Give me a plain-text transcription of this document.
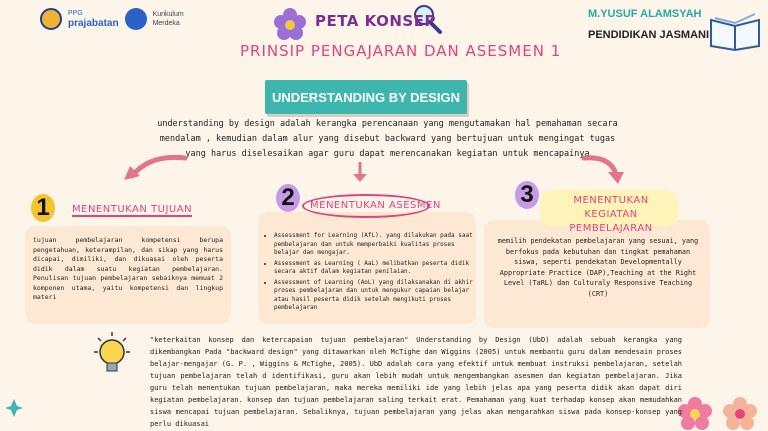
PPG
prajabatan
Kurikulum
Merdeka	PETA KONSEP
PRINSIP PENGAJARAN DAN ASESMEN 1
M.YUSUF ALAMSYAH
PENDIDIKAN JASMANI
UNDERSTANDING BY DESIGN
understanding by design adalah kerangka perencanaan yang mengutamakan hal pemahaman secara mendalam , kemudian dalam alur yang disebut backward yang bertujuan untuk mengingat tugas yang harus diselesaikan agar guru dapat merencanakan kegiatan untuk mencapainya
tujuan pembelajaran kompetensi berupa pengetahuan, keterampilan, dan sikap yang harus dicapai, dimiliki, dan dikuasai oleh peserta didik dalam suatu kegiatan pembelajaran. Penulisan tujuan pembelajaran sebaiknya memuat 2 komponen utama, yaitu kompetensi dan lingkup materi
1	MENENTUKAN TUJUAN
• Assessment for Learning (AfL). yang dilakukan pada saat pembelajaran dan untuk memperbaiki kualitas proses belajar dan mengajar.
• Assessment as Learning ( AaL) melibatkan peserta didik secara aktif dalam kegiatan penilaian.
• Assessment of Learning (AoL) yang dilaksanakan di akhir proses pembelajaran dan untuk mengukur capaian belajar atau hasil peserta didik setelah mengikuti proses pembelajaran
2	MENENTUKAN ASESMEN
memilih pendekatan pembelajaran yang sesuai, yang berfokus pada kebutuhan dan tingkat pemahaman siswa, seperti pendekatan Developmentally Appropriate Practice (DAP),Teaching at the Right Level (TaRL) dan Culturaly Responsive Teaching (CRT)
3	MENENTUKAN KEGIATAN PEMBELAJARAN
"keterkaitan konsep dan ketercapaian tujuan pembelajaran" Understanding by Design (UbD) adalah sebuah kerangka yang dikembangkan Pada "backward design" yang ditawarkan oleh McTighe dan Wiggins (2005) untuk membantu guru dalam mendesain proses belajar-mengajar (G. P. , Wiggins & McTighe, 2005). UbD adalah cara yang efektif untuk membuat instruksi pembelajaran, setelah tujuan pembelajaran telah d identifikasi, guru akan lebih mudah untuk mengembangkan asesmen dan kegiatan pembelajaran. Jika guru telah menentukan tujuan pembelajaran, maka mereka memiliki ide yang lebih jelas apa yang peserta didik akan dapat diri kegiatan pembelajaran. konsep dan tujuan pembelajaran saling terkait erat. Pemahaman yang kuat terhadap konsep akan memudahkan siswa mencapai tujuan pembelajaran. Sebaliknya, tujuan pembelajaran yang jelas akan mengarahkan siswa pada konsep-konsep yang perlu dikuasai
